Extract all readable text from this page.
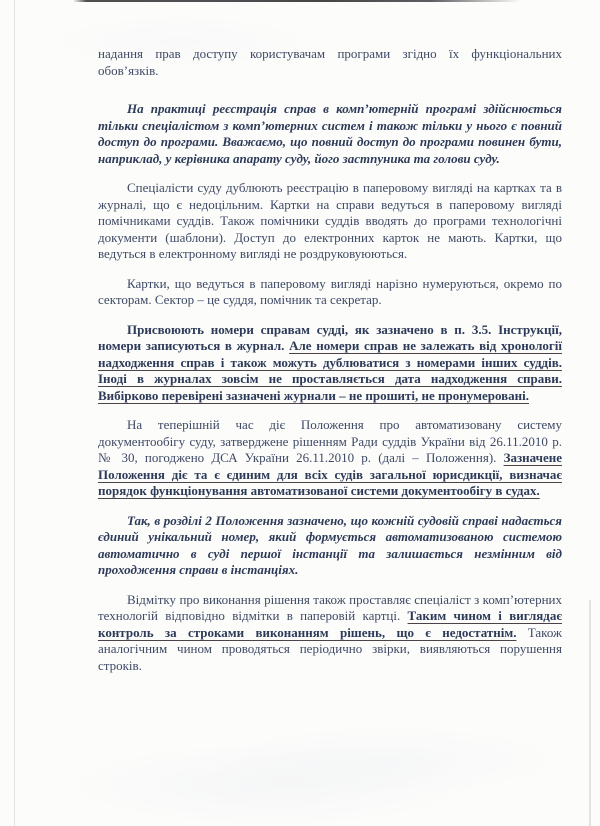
надання прав доступу користувачам програми згідно їх функціональних обов’язків.

На практиці реєстрація справ в комп’ютерній програмі здійснюється тільки спеціалістом з комп’ютерних систем і також тільки у нього є повний доступ до програми. Вважаємо, що повний доступ до програми повинен бути, наприклад, у керівника апарату суду, його застпуника та голови суду.

Спеціалісти суду дублюють реєстрацію в паперовому вигляді на картках та в журналі, що є недоцільним. Картки на справи ведуться в паперовому вигляді помічниками суддів. Також помічники суддів вводять до програми технологічні документи (шаблони). Доступ до електронних карток не мають. Картки, що ведуться в електронному вигляді не роздруковуюються.

Картки, що ведуться в паперовому вигляді нарізно нумеруються, окремо по секторам. Сектор – це суддя, помічник та секретар.

Присвоюють номери справам судді, як зазначено в п. 3.5. Інструкції, номери записуються в журнал. Але номери справ не залежать від хронології надходження справ і також можуть дублюватися з номерами інших суддів. Іноді в журналах зовсім не проставляється дата надходження справи. Вибірково перевірені зазначені журнали – не прошиті, не пронумеровані.

На теперішній час діє Положення про автоматизовану систему документообігу суду, затверджене рішенням Ради суддів України від 26.11.2010 р. № 30, погоджено ДСА України 26.11.2010 р. (далі – Положення). Зазначене Положення діє та є єдиним для всіх судів загальної юрисдикції, визначає порядок функціонування автоматизованої системи документообігу в судах.

Так, в розділі 2 Положення зазначено, що кожній судовій справі надається єдиний унікальний номер, який формується автоматизованою системою автоматично в суді першої інстанції та залишається незмінним від проходження справи в інстанціях.

Відмітку про виконання рішення також проставляє спеціаліст з комп’ютерних технологій відповідно відмітки в паперовій картці. Таким чином і виглядає контроль за строками виконанням рішень, що є недостатнім. Також аналогічним чином проводяться періодично звірки, виявляються порушення строків.
